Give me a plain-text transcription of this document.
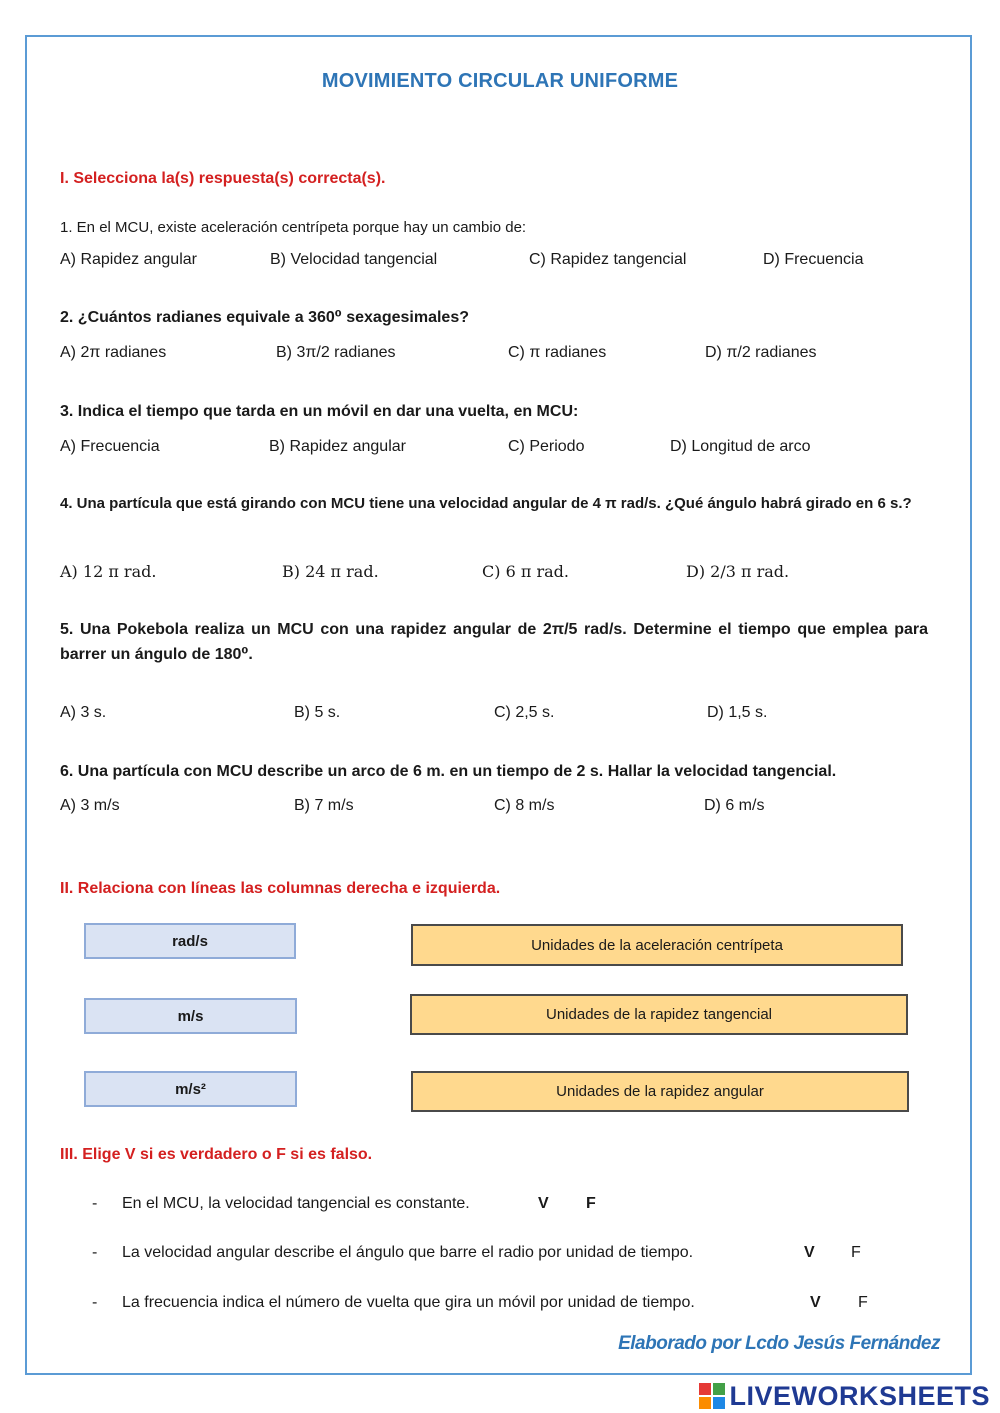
MOVIMIENTO CIRCULAR UNIFORME
I. Selecciona la(s) respuesta(s) correcta(s).
1. En el MCU, existe aceleración centrípeta porque hay un cambio de:
A) Rapidez angular	B) Velocidad tangencial	C) Rapidez tangencial	D) Frecuencia
2. ¿Cuántos radianes equivale a 360⁰ sexagesimales?
A) 2π radianes	B) 3π/2 radianes	C) π radianes	D) π/2 radianes
3. Indica el tiempo que tarda en un móvil en dar una vuelta, en MCU:
A) Frecuencia	B) Rapidez angular	C) Periodo	D) Longitud de arco
4. Una partícula que está girando con MCU tiene una velocidad angular de 4 π rad/s. ¿Qué ángulo habrá girado en 6 s.?
A) 12 π rad.	B) 24 π rad.	C) 6 π rad.	D) 2/3 π rad.
5. Una Pokebola realiza un MCU con una rapidez angular de 2π/5 rad/s. Determine el tiempo que emplea para barrer un ángulo de 180⁰.
A) 3 s.	B) 5 s.	C) 2,5 s.	D) 1,5 s.
6. Una partícula con MCU describe un arco de 6 m. en un tiempo de 2 s. Hallar la velocidad tangencial.
A) 3 m/s	B) 7 m/s	C) 8 m/s	D) 6 m/s
II. Relaciona con líneas las columnas derecha e izquierda.
rad/s
m/s
m/s²
Unidades de la aceleración centrípeta
Unidades de la rapidez tangencial
Unidades de la rapidez angular
III. Elige V si es verdadero o F si es falso.
- En el MCU, la velocidad tangencial es constante.	V F
- La velocidad angular describe el ángulo que barre el radio por unidad de tiempo.	V F
- La frecuencia indica el número de vuelta que gira un móvil por unidad de tiempo.	V F
Elaborado por Lcdo Jesús Fernández
LIVEWORKSHEETS
